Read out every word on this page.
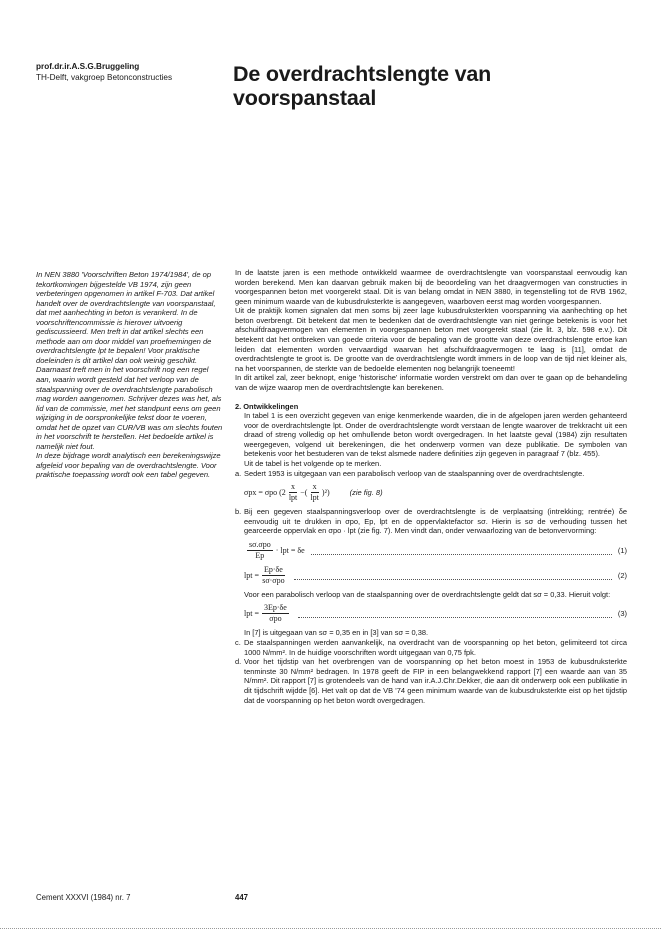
prof.dr.ir.A.S.G.Bruggeling
TH-Delft, vakgroep Betonconstructies	De overdrachtslengte van voorspanstaal

In NEN 3880 'Voorschriften Beton 1974/1984', de op tekortkomingen bijgestelde VB 1974, zijn geen verbeteringen opgenomen in artikel F-703. Dat artikel handelt over de overdrachtslengte van voorspanstaal, dat met aanhechting in beton is verankerd. In de voorschriftencommissie is hierover uitvoerig gediscussieerd. Men treft in dat artikel slechts een methode aan om door middel van proefnemingen de overdrachtslengte lpt te bepalen! Voor praktische doeleinden is dit artikel dan ook weinig geschikt. Daarnaast treft men in het voorschrift nog een regel aan, waarin wordt gesteld dat het verloop van de staalspanning over de overdrachtslengte parabolisch mag worden aangenomen. Schrijver dezes was het, als lid van de commissie, met het standpunt eens om geen wijziging in de oorspronkelijke tekst door te voeren, omdat het de opzet van CUR/VB was om slechts fouten in het voorschrift te herstellen. Het bedoelde artikel is namelijk niet fout.

In deze bijdrage wordt analytisch een berekeningswijze afgeleid voor bepaling van de overdrachtslengte. Voor praktische toepassing wordt ook een tabel gegeven.

In de laatste jaren is een methode ontwikkeld waarmee de overdrachtslengte van voorspanstaal eenvoudig kan worden berekend. Men kan daarvan gebruik maken bij de beoordeling van het draagvermogen van constructies in voorgespannen beton met voorgerekt staal. Dit is van belang omdat in NEN 3880, in tegenstelling tot de RVB 1962, geen minimum waarde van de kubusdruksterkte is aangegeven, waarboven eerst mag worden voorgespannen.

Uit de praktijk komen signalen dat men soms bij zeer lage kubusdruksterkten voorspanning via aanhechting op het beton overbrengt. Dit betekent dat men te bedenken dat de overdrachtslengte van niet geringe betekenis is voor het afschuifdraagvermogen van elementen in voorgespannen beton met voorgerekt staal (zie lit. 3, blz. 598 e.v.). Dit betekent dat het ontbreken van goede criteria voor de bepaling van de grootte van deze overdrachtslengte ertoe kan leiden dat elementen worden vervaardigd waarvan het afschuifdraagvermogen te laag is [11], omdat de overdrachtslengte te groot is. De grootte van de overdrachtslengte wordt immers in de loop van de tijd niet kleiner als, na het voorspannen, de sterkte van de bedoelde elementen nog belangrijk toeneemt!

In dit artikel zal, zeer beknopt, enige 'historische' informatie worden verstrekt om dan over te gaan op de behandeling van de wijze waarop men de overdrachtslengte kan berekenen.

2. Ontwikkelingen

In tabel 1 is een overzicht gegeven van enige kenmerkende waarden, die in de afgelopen jaren werden gehanteerd voor de overdrachtslengte lpt. Onder de overdrachtslengte wordt verstaan de lengte waarover de trekkracht uit een draad of streng volledig op het omhullende beton wordt overgedragen. In het laatste geval (1984) zijn resultaten weergegeven, volgend uit berekeningen, die het onderwerp vormen van deze publikatie. De symbolen van betekenis voor het bestuderen van de tekst alsmede nadere definities zijn gegeven in paragraaf 7 (blz. 455).

Uit de tabel is het volgende op te merken.

a. Sedert 1953 is uitgegaan van een parabolisch verloop van de staalspanning over de overdrachtslengte.
σpx = σpo ($2 \frac{x}{\text{lpt}}$ − ( $\frac{x}{\text{lpt}} )^2$)	(zie fig. 8)
b. Bij een gegeven staalspanningsverloop over de overdrachtslengte is de verplaatsing (intrekking; rentrée) δe eenvoudig uit te drukken in σpo, Ep, lpt en de oppervlaktefactor sσ. Hierin is sσ de verhouding tussen het gearceerde oppervlak en σpo · lpt (zie fig. 7). Men vindt dan, onder verwaarlozing van de betonvervorming:
$\frac{\text{sσ.σpo}}{Ep}$ · lpt = δe	(1)
lpt = $\frac{Ep\cdot\delta e}{\text{sσ·σpo}}$	(2)

Voor een parabolisch verloop van de staalspanning over de overdrachtslengte geldt dat sσ = 0,33. Hieruit volgt:

lpt = $\frac{3Ep\cdot\delta e}{\text{σpo}}$	(3)

In [7] is uitgegaan van sσ = 0,35 en in [3] van sσ = 0,38.

c. De staalspanningen werden aanvankelijk, na overdracht van de voorspanning op het beton, gelimiteerd tot circa 1000 N/mm². In de huidige voorschriften wordt uitgegaan van 0,75 fpk.
d. Voor het tijdstip van het overbrengen van de voorspanning op het beton moest in 1953 de kubusdruksterkte tenminste 30 N/mm² bedragen. In 1978 geeft de FIP in een belangwekkend rapport [7] een waarde aan van 35 N/mm². Dit rapport [7] is grotendeels van de hand van ir.A.J.Chr.Dekker, die aan dit onderwerp ook een publikatie in dit tijdschrift wijdde [6]. Het valt op dat de VB '74 geen minimum waarde van de kubusdruksterkte eist op het tijdstip dat de voorspanning op het beton wordt overgedragen.
Cement XXXVI (1984) nr. 7	447
